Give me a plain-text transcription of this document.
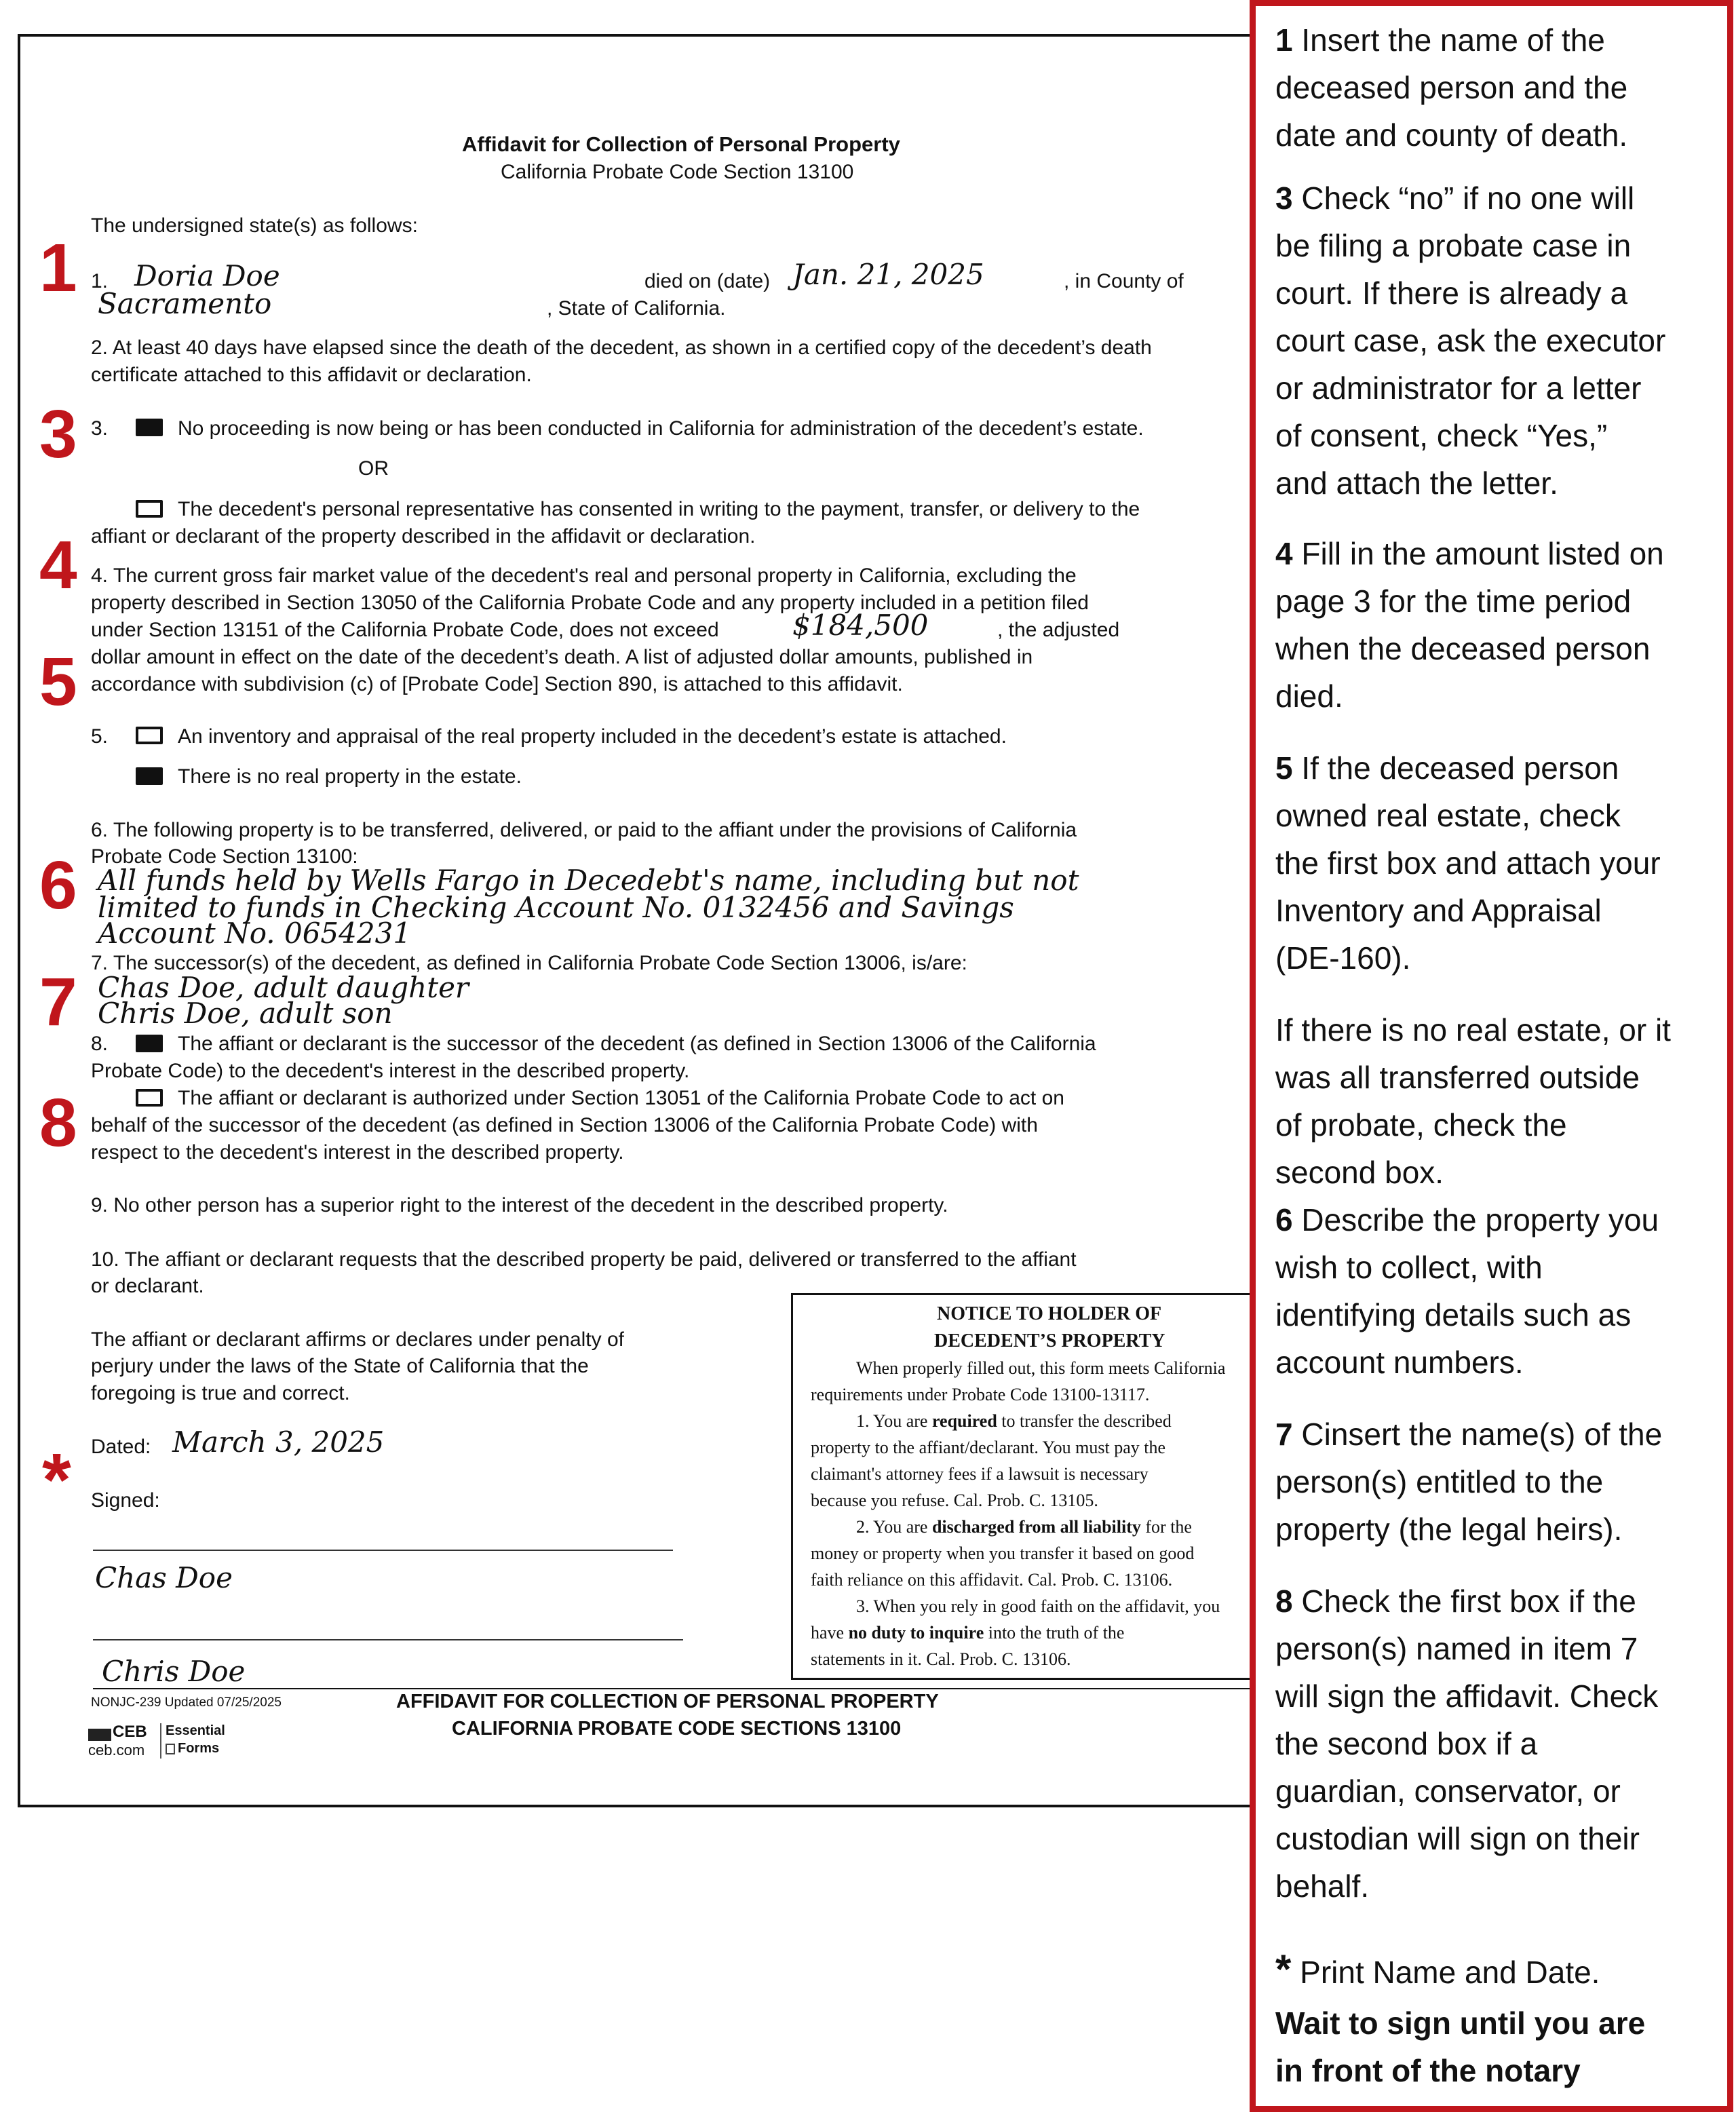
Affidavit for Collection of Personal Property
California Probate Code Section 13100
The undersigned state(s) as follows:
1
3
4
5
6
7
8
*
1. Doria Doe	died on (date) Jan. 21, 2025	, in County of
Sacramento	, State of California.
2. At least 40 days have elapsed since the death of the decedent, as shown in a certified copy of the decedent’s death
certificate attached to this affidavit or declaration.
3.	No proceeding is now being or has been conducted in California for administration of the decedent’s estate.
OR
The decedent's personal representative has consented in writing to the payment, transfer, or delivery to the
affiant or declarant of the property described in the affidavit or declaration.
4. The current gross fair market value of the decedent's real and personal property in California, excluding the
property described in Section 13050 of the California Probate Code and any property included in a petition filed
under Section 13151 of the California Probate Code, does not exceed	$184,500	, the adjusted
dollar amount in effect on the date of the decedent’s death. A list of adjusted dollar amounts, published in
accordance with subdivision (c) of [Probate Code] Section 890, is attached to this affidavit.
5.	An inventory and appraisal of the real property included in the decedent’s estate is attached.
There is no real property in the estate.
6. The following property is to be transferred, delivered, or paid to the affiant under the provisions of California
Probate Code Section 13100:
All funds held by Wells Fargo in Decedebt's name, including but not
limited to funds in Checking Account No. 0132456 and Savings
Account No. 0654231
7. The successor(s) of the decedent, as defined in California Probate Code Section 13006, is/are:
Chas Doe, adult daughter
Chris Doe, adult son
8.	The affiant or declarant is the successor of the decedent (as defined in Section 13006 of the California
Probate Code) to the decedent's interest in the described property.
The affiant or declarant is authorized under Section 13051 of the California Probate Code to act on
behalf of the successor of the decedent (as defined in Section 13006 of the California Probate Code) with
respect to the decedent's interest in the described property.
9. No other person has a superior right to the interest of the decedent in the described property.
10. The affiant or declarant requests that the described property be paid, delivered or transferred to the affiant
or declarant.
The affiant or declarant affirms or declares under penalty of
perjury under the laws of the State of California that the
foregoing is true and correct.
Dated: March 3, 2025
Signed:
Chas Doe
Chris Doe
NOTICE TO HOLDER OF
DECEDENT’S PROPERTY
When properly filled out, this form meets California
requirements under Probate Code 13100-13117.
1. You are required to transfer the described
property to the affiant/declarant. You must pay the
claimant's attorney fees if a lawsuit is necessary
because you refuse. Cal. Prob. C. 13105.
2. You are discharged from all liability for the
money or property when you transfer it based on good
faith reliance on this affidavit. Cal. Prob. C. 13106.
3. When you rely in good faith on the affidavit, you
have no duty to inquire into the truth of the
statements in it. Cal. Prob. C. 13106.
NONJC-239 Updated 07/25/2025	AFFIDAVIT FOR COLLECTION OF PERSONAL PROPERTY
CALIFORNIA PROBATE CODE SECTIONS 13100
CEB
ceb.com
Essential
Forms
1 Insert the name of the
deceased person and the
date and county of death.
3 Check “no” if no one will
be filing a probate case in
court. If there is already a
court case, ask the executor
or administrator for a letter
of consent, check “Yes,”
and attach the letter.
4 Fill in the amount listed on
page 3 for the time period
when the deceased person
died.
5 If the deceased person
owned real estate, check
the first box and attach your
Inventory and Appraisal
(DE-160).
If there is no real estate, or it
was all transferred outside
of probate, check the
second box.
6 Describe the property you
wish to collect, with
identifying details such as
account numbers.
7 Cinsert the name(s) of the
person(s) entitled to the
property (the legal heirs).
8 Check the first box if the
person(s) named in item 7
will sign the affidavit. Check
the second box if a
guardian, conservator, or
custodian will sign on their
behalf.
* Print Name and Date.
Wait to sign until you are
in front of the notary
